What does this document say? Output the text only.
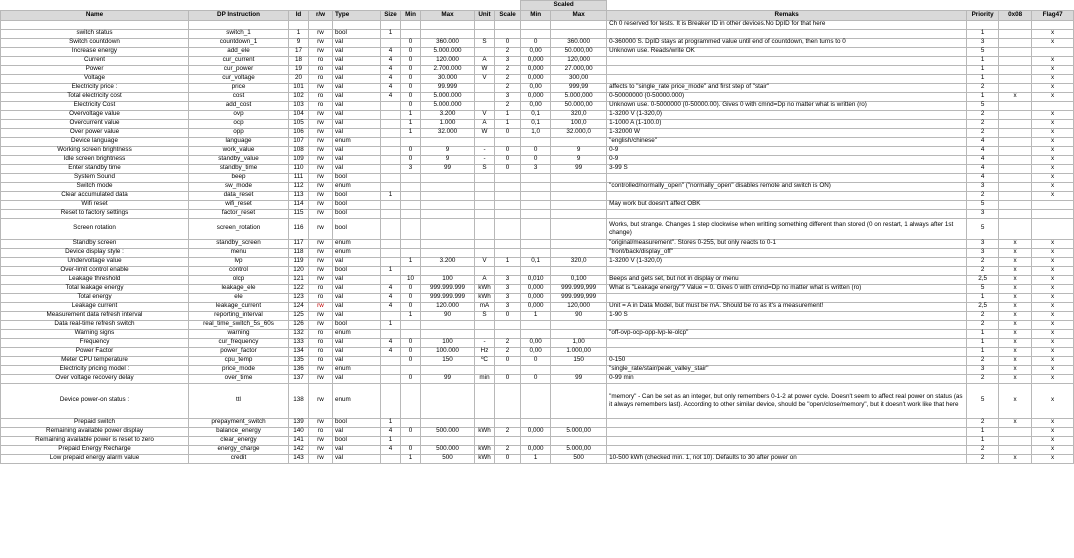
										Scaled					
Name	DP Instruction	Id	r/w	Type	Size	Min	Max	Unit	Scale	Min	Max	Remaks	Priority	0x08	Flag47
												Ch 0 reserved for tests. It is Breaker ID in other devices.No DpID for that here			
switch status	switch_1	1	rw	bool	1								1		x
Switch countdown	countdown_1	9	rw	val		0	360.000	S	0	0	360.000	0-360000 S. DpID stays at programmed value until end of countdown, then turns to 0	3		x
Increase energy	add_ele	17	rw	val	4	0	5.000.000		2	0,00	50.000,00	Unknown use. Reads/write OK	5		
Current	cur_current	18	ro	val	4	0	120.000	A	3	0,000	120,000		1		x
Power	cur_power	19	ro	val	4	0	2.700.000	W	2	0,000	27.000,00		1		x
Voltage	cur_voltage	20	ro	val	4	0	30.000	V	2	0,000	300,00		1		x
Electricity price :	price	101	rw	val	4	0	99.999		2	0,00	999,99	affects to "single_rate price_mode" and first step of "stair"	2		x
Total electricity cost	cost	102	ro	val	4	0	5.000.000		3	0,000	5.000,000	0-50000000 (0-50000.000)	1	x	x
Electricity Cost	add_cost	103	ro	val		0	5.000.000		2	0,00	50.000,00	Unknown use. 0-5000000 (0-50000.00). Gives 0 with cmnd=Dp no matter what is written (ro)	5		
Overvoltage value	ovp	104	rw	val		1	3.200	V	1	0,1	320,0	1-3200 V (1-320,0)	2		x
Overcurrent value	ocp	105	rw	val		1	1.000	A	1	0,1	100,0	1-1000 A (1-100.0)	2		x
Over power value	opp	106	rw	val		1	32.000	W	0	1,0	32.000,0	1-32000 W	2		x
Device language	language	107	rw	enum								"english/chinese"	4		x
Working screen brightness	work_value	108	rw	val		0	9	-	0	0	9	0-9	4		x
Idle screen brightness	standby_value	109	rw	val		0	9	-	0	0	9	0-9	4		x
Enter standby time	standby_time	110	rw	val		3	99	S	0	3	99	3-99 S	4		x
System Sound	beep	111	rw	bool									4		x
Switch mode	sw_mode	112	rw	enum								"controlled/normally_open" ("normally_open" disables remote and switch is ON)	3		x
Clear accumulated data	data_reset	113	rw	bool	1								2		x
Wifi reset	wifi_reset	114	rw	bool								May work but doesn't affect OBK	5		
Reset to factory settings	factor_reset	115	rw	bool									3		
Screen rotation	screen_rotation	116	rw	bool								Works, but strange. Changes 1 step clockwise when writting something different than stored (0 on restart, 1 always after 1st change)	5		
Standby screen	standby_screen	117	rw	enum								"original/measurement". Stores 0-255, but only reacts to 0-1	3	x	x
Device display style :	menu	118	rw	enum								"front/back/display_off"	3	x	x
Undervoltage value	lvp	119	rw	val		1	3.200	V	1	0,1	320,0	1-3200 V (1-320,0)	2	x	x
Over-limit control enable	control	120	rw	bool	1								2	x	x
Leakage threshold	olcp	121	rw	val		10	100	A	3	0,010	0,100	Beeps and gets set, but not in display or menu	2,5	x	x
Total leakage energy	leakage_ele	122	ro	val	4	0	999.999.999	kWh	3	0,000	999.999,999	What is "Leakage energy"? Value = 0. Gives 0 with cmnd=Dp no matter what is written (ro)	5	x	x
Total energy	ele	123	ro	val	4	0	999.999.999	kWh	3	0,000	999.999,999		1	x	x
Leakage current	leakage_current	124	rw	val	4	0	120.000	mA	3	0,000	120,000	Unit = A in Data Model, but must be mA. Should be ro as it's a measurement!	2,5	x	x
Measurement data refresh interval	reporting_interval	125	rw	val		1	90	S	0	1	90	1-90 S	2	x	x
Data real-time refresh switch	real_time_switch_5s_60s	126	rw	bool	1								2	x	x
Warning signs	warning	132	ro	enum								"off-ovp-ocp-opp-lvp-le-olcp"	1	x	x
Frequency	cur_frequency	133	ro	val	4	0	100	-	2	0,00	1,00		1	x	x
Power Factor	power_factor	134	ro	val	4	0	100.000	Hz	2	0,00	1.000,00		1	x	x
Meter CPU temperature	cpu_temp	135	ro	val		0	150	ºC	0	0	150	0-150	2	x	x
Electricity pricing model :	price_mode	136	rw	enum								"single_rate/stair/peak_valley_stair"	3	x	x
Over voltage recovery delay	over_time	137	rw	val		0	99	min	0	0	99	0-99 min	2	x	x
Device power-on status :	ttl	138	rw	enum								"memory" - Can be set as an integer, but only remembers 0-1-2 at power cycle. Doesn't seem to affect real power on status (as it always remembers last). According to other similar device, should be "open/close/memory", but it doesn't work like that here	5	x	x
Prepaid switch	prepayment_switch	139	rw	bool	1								2	x	x
Remaining available power display	balance_energy	140	ro	val	4	0	500.000	kWh	2	0,000	5.000,00		1		x
Remaining available power is reset to zero	clear_energy	141	rw	bool	1								1		x
Prepaid Energy Recharge	energy_charge	142	rw	val	4	0	500.000	kWh	2	0,000	5.000,00		2		x
Low prepaid energy alarm value	credit	143	rw	val		1	500	kWh	0	1	500	10-500 kWh (checked min. 1, not 10). Defaults to 30 after power on	2	x	x
